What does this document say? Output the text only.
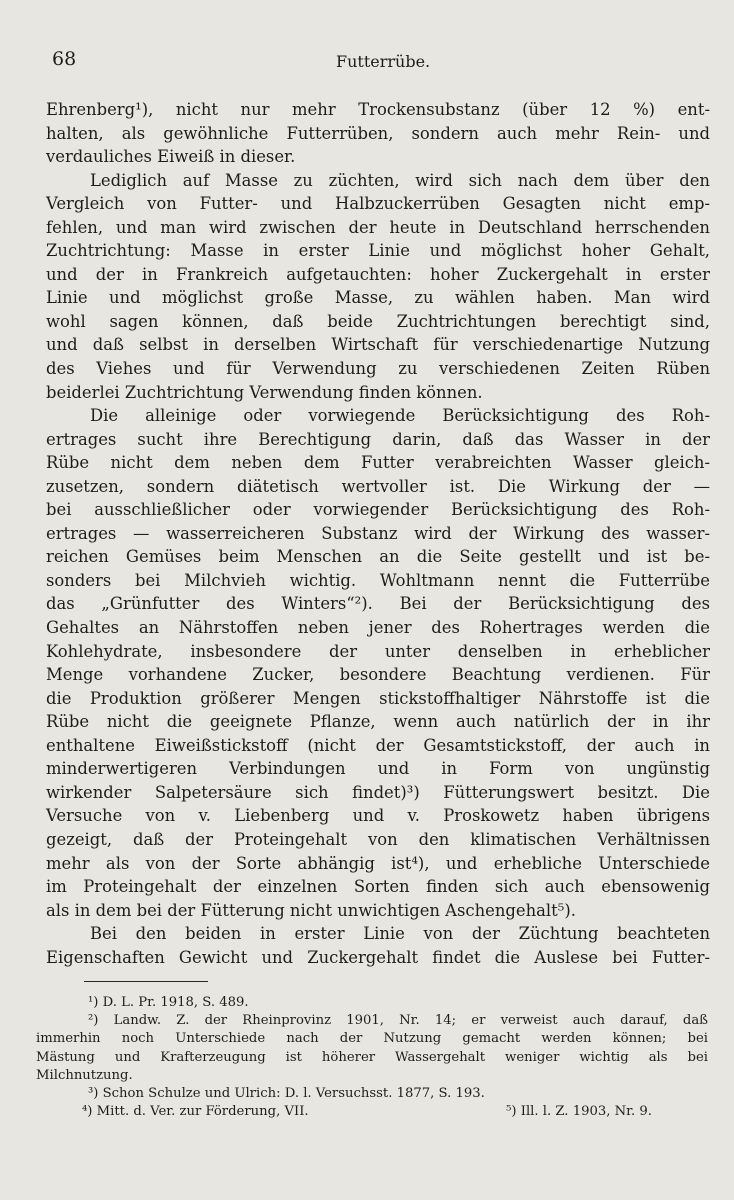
68	Futterrübe.
Ehrenberg¹), nicht nur mehr Trockensubstanz (über 12 %) ent-
halten, als gewöhnliche Futterrüben, sondern auch mehr Rein- und
verdauliches Eiweiß in dieser.
Lediglich auf Masse zu züchten, wird sich nach dem über den
Vergleich von Futter- und Halbzuckerrüben Gesagten nicht emp-
fehlen, und man wird zwischen der heute in Deutschland herrschenden
Zuchtrichtung: Masse in erster Linie und möglichst hoher Gehalt,
und der in Frankreich aufgetauchten: hoher Zuckergehalt in erster
Linie und möglichst große Masse, zu wählen haben. Man wird
wohl sagen können, daß beide Zuchtrichtungen berechtigt sind,
und daß selbst in derselben Wirtschaft für verschiedenartige Nutzung
des Viehes und für Verwendung zu verschiedenen Zeiten Rüben
beiderlei Zuchtrichtung Verwendung finden können.
Die alleinige oder vorwiegende Berücksichtigung des Roh-
ertrages sucht ihre Berechtigung darin, daß das Wasser in der
Rübe nicht dem neben dem Futter verabreichten Wasser gleich-
zusetzen, sondern diätetisch wertvoller ist. Die Wirkung der —
bei ausschließlicher oder vorwiegender Berücksichtigung des Roh-
ertrages — wasserreicheren Substanz wird der Wirkung des wasser-
reichen Gemüses beim Menschen an die Seite gestellt und ist be-
sonders bei Milchvieh wichtig. Wohltmann nennt die Futterrübe
das „Grünfutter des Winters“²). Bei der Berücksichtigung des
Gehaltes an Nährstoffen neben jener des Rohertrages werden die
Kohlehydrate, insbesondere der unter denselben in erheblicher
Menge vorhandene Zucker, besondere Beachtung verdienen. Für
die Produktion größerer Mengen stickstoffhaltiger Nährstoffe ist die
Rübe nicht die geeignete Pflanze, wenn auch natürlich der in ihr
enthaltene Eiweißstickstoff (nicht der Gesamtstickstoff, der auch in
minderwertigeren Verbindungen und in Form von ungünstig
wirkender Salpetersäure sich findet)³) Fütterungswert besitzt. Die
Versuche von v. Liebenberg und v. Proskowetz haben übrigens
gezeigt, daß der Proteingehalt von den klimatischen Verhältnissen
mehr als von der Sorte abhängig ist⁴), und erhebliche Unterschiede
im Proteingehalt der einzelnen Sorten finden sich auch ebensowenig
als in dem bei der Fütterung nicht unwichtigen Aschengehalt⁵).
Bei den beiden in erster Linie von der Züchtung beachteten
Eigenschaften Gewicht und Zuckergehalt findet die Auslese bei Futter-
¹) D. L. Pr. 1918, S. 489.
²) Landw. Z. der Rheinprovinz 1901, Nr. 14; er verweist auch darauf, daß
immerhin noch Unterschiede nach der Nutzung gemacht werden können; bei
Mästung und Krafterzeugung ist höherer Wassergehalt weniger wichtig als bei
Milchnutzung.
³) Schon Schulze und Ulrich: D. l. Versuchsst. 1877, S. 193.
⁴) Mitt. d. Ver. zur Förderung, VII.	⁵) Ill. l. Z. 1903, Nr. 9.
